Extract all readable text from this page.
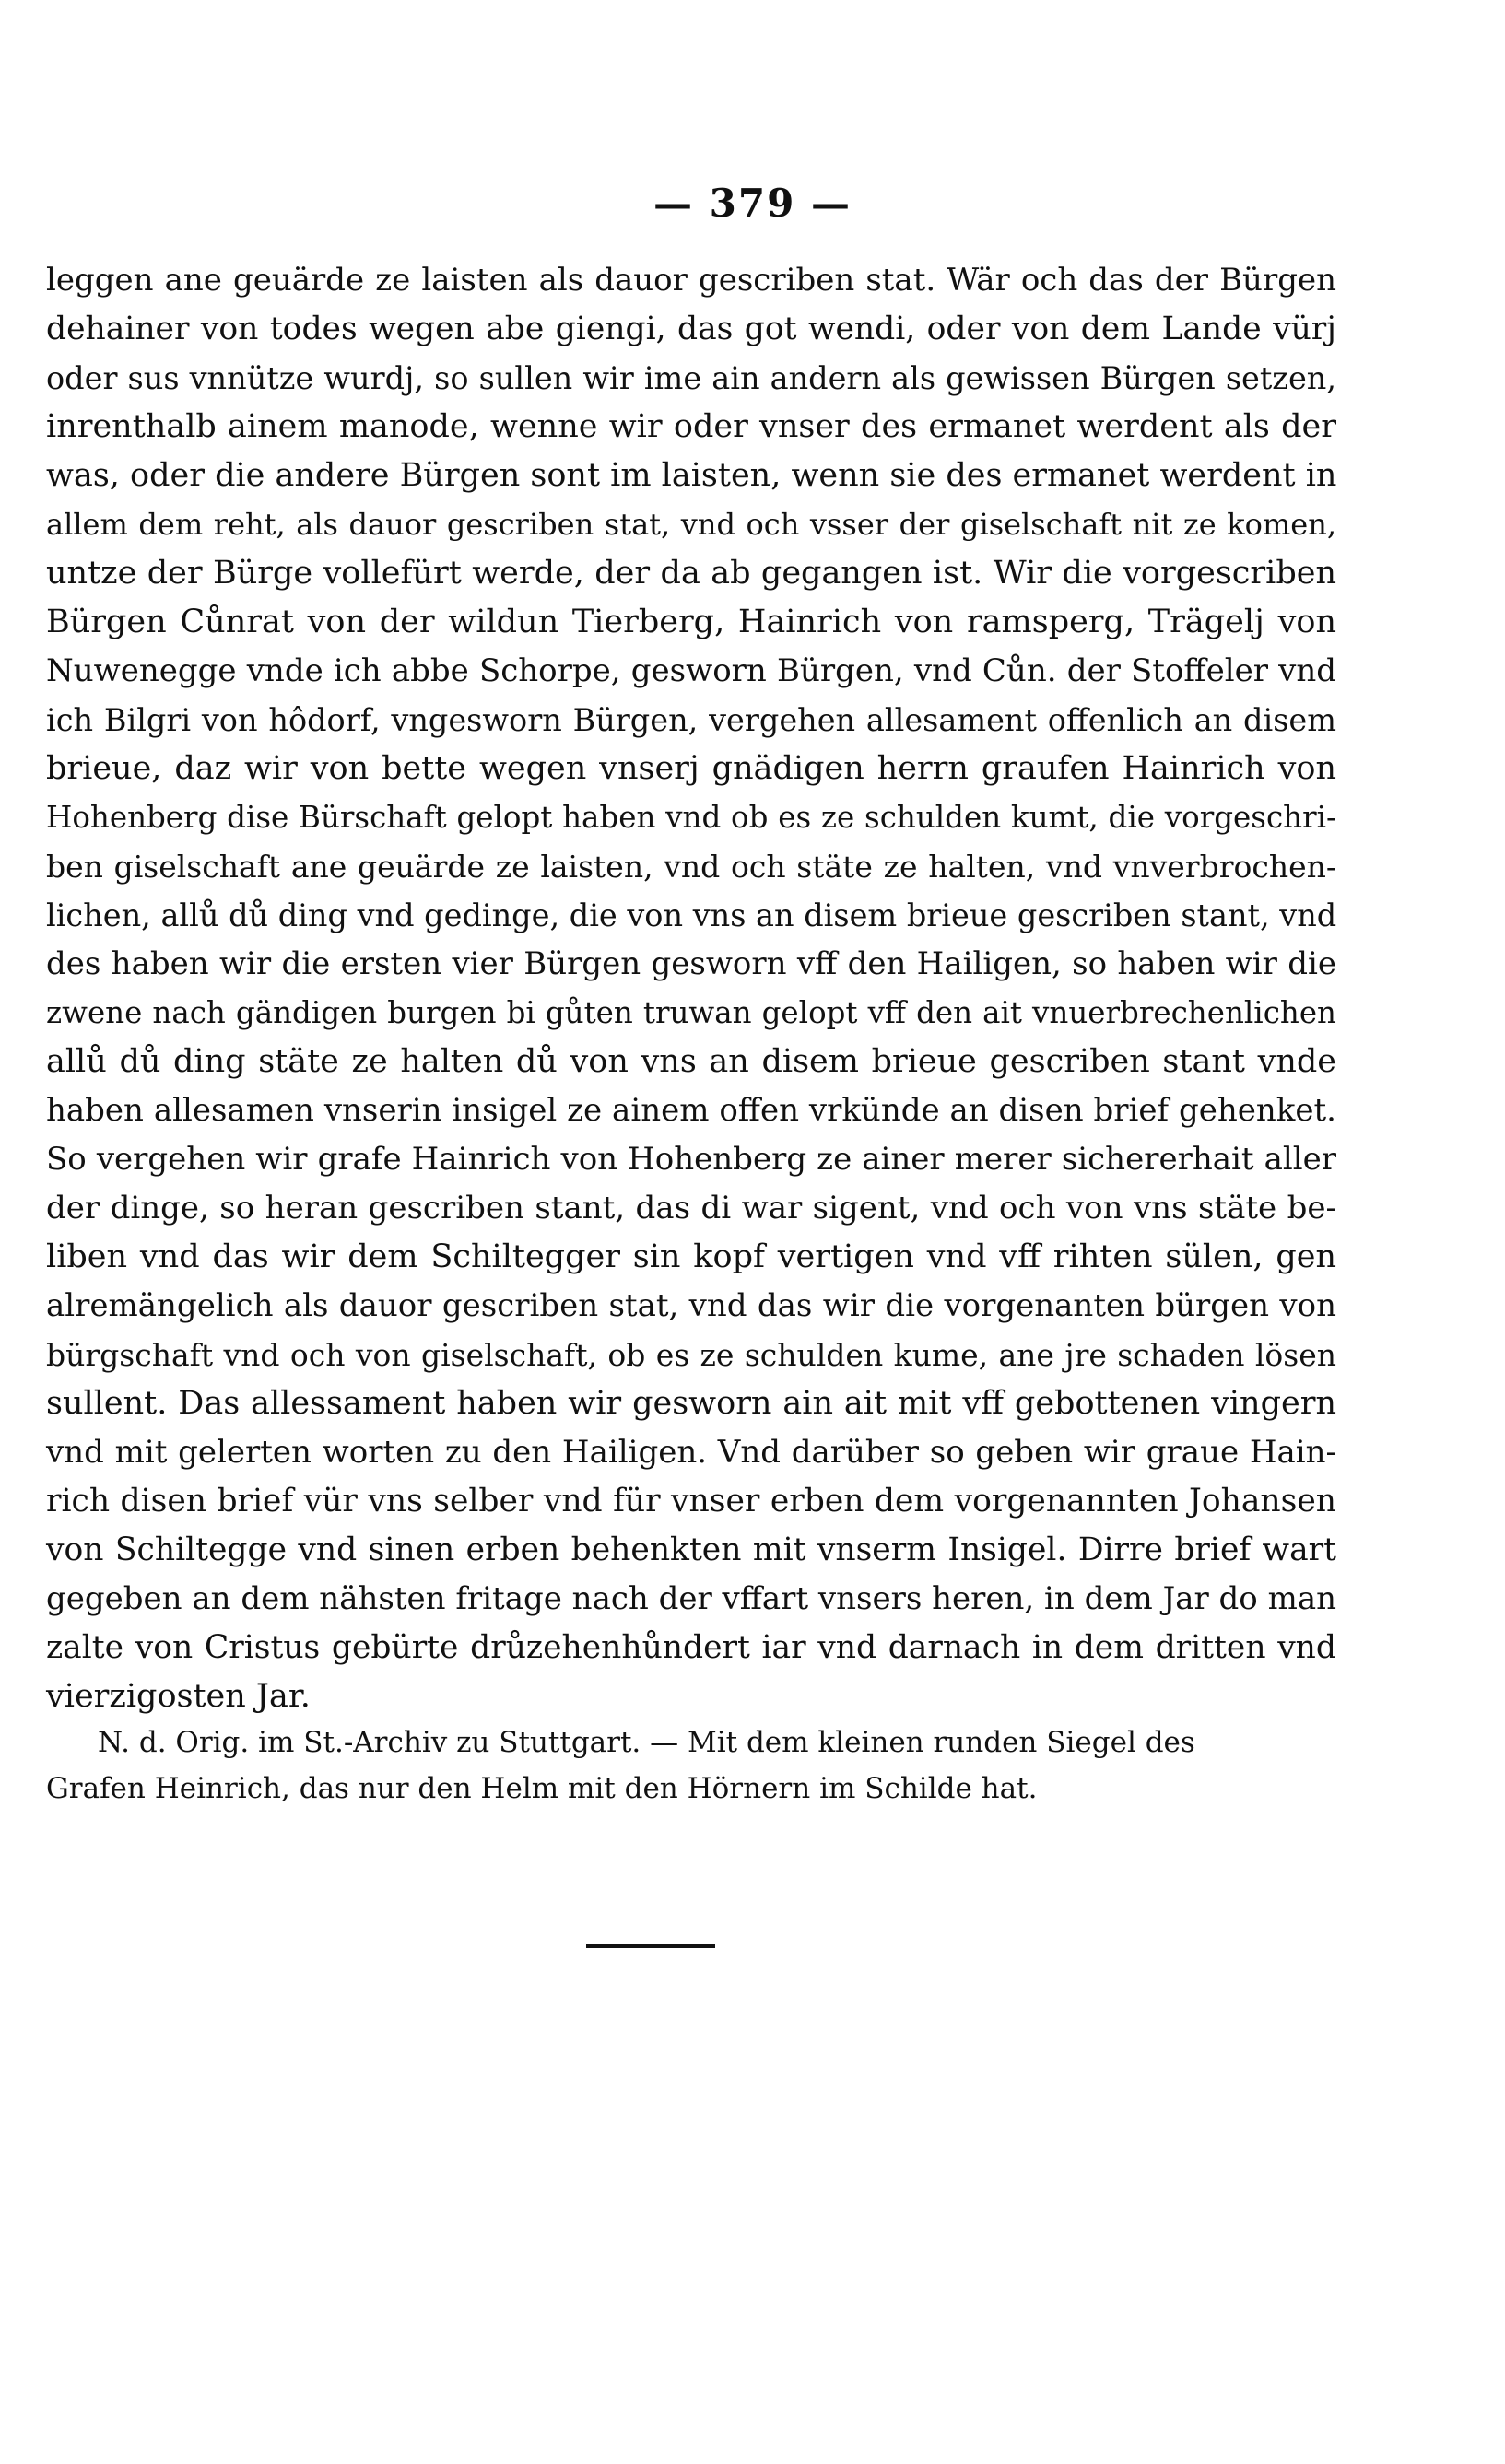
— 379 —
leggen ane geuärde ze laisten als dauor gescriben stat. Wär och das der Bürgen
dehainer von todes wegen abe giengi, das got wendi, oder von dem Lande vürj
oder sus vnnütze wurdj, so sullen wir ime ain andern als gewissen Bürgen setzen,
inrenthalb ainem manode, wenne wir oder vnser des ermanet werdent als der
was, oder die andere Bürgen sont im laisten, wenn sie des ermanet werdent in
allem dem reht, als dauor gescriben stat, vnd och vsser der giselschaft nit ze komen,
untze der Bürge vollefürt werde, der da ab gegangen ist. Wir die vorgescriben
Bürgen Cůnrat von der wildun Tierberg, Hainrich von ramsperg, Trägelj von
Nuwenegge vnde ich abbe Schorpe, gesworn Bürgen, vnd Cůn. der Stoffeler vnd
ich Bilgri von hôdorf, vngesworn Bürgen, vergehen allesament offenlich an disem
brieue, daz wir von bette wegen vnserj gnädigen herrn graufen Hainrich von
Hohenberg dise Bürschaft gelopt haben vnd ob es ze schulden kumt, die vorgeschri-
ben giselschaft ane geuärde ze laisten, vnd och stäte ze halten, vnd vnverbrochen-
lichen, allů dů ding vnd gedinge, die von vns an disem brieue gescriben stant, vnd
des haben wir die ersten vier Bürgen gesworn vff den Hailigen, so haben wir die
zwene nach gändigen burgen bi gůten truwan gelopt vff den ait vnuerbrechenlichen
allů dů ding stäte ze halten dů von vns an disem brieue gescriben stant vnde
haben allesamen vnserin insigel ze ainem offen vrkünde an disen brief gehenket.
So vergehen wir grafe Hainrich von Hohenberg ze ainer merer sichererhait aller
der dinge, so heran gescriben stant, das di war sigent, vnd och von vns stäte be-
liben vnd das wir dem Schiltegger sin kopf vertigen vnd vff rihten sülen, gen
alremängelich als dauor gescriben stat, vnd das wir die vorgenanten bürgen von
bürgschaft vnd och von giselschaft, ob es ze schulden kume, ane jre schaden lösen
sullent. Das allessament haben wir gesworn ain ait mit vff gebottenen vingern
vnd mit gelerten worten zu den Hailigen. Vnd darüber so geben wir graue Hain-
rich disen brief vür vns selber vnd für vnser erben dem vorgenannten Johansen
von Schiltegge vnd sinen erben behenkten mit vnserm Insigel. Dirre brief wart
gegeben an dem nähsten fritage nach der vffart vnsers heren, in dem Jar do man
zalte von Cristus gebürte drůzehenhůndert iar vnd darnach in dem dritten vnd
vierzigosten Jar.
N. d. Orig. im St.-Archiv zu Stuttgart. — Mit dem kleinen runden Siegel des
Grafen Heinrich, das nur den Helm mit den Hörnern im Schilde hat.
